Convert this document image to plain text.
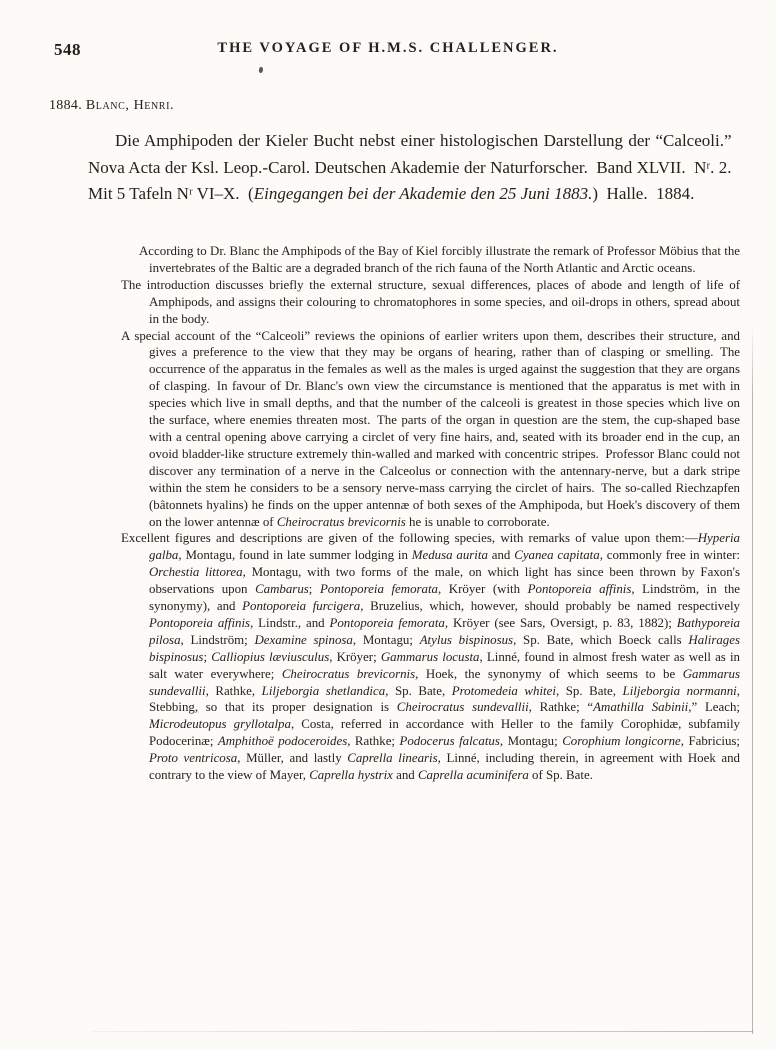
548	THE VOYAGE OF H.M.S. CHALLENGER.
1884. Blanc, Henri.

Die Amphipoden der Kieler Bucht nebst einer histologischen Darstellung der “Calceoli.” Nova Acta der Ksl. Leop.-Carol. Deutschen Akademie der Naturforscher. Band XLVII. Nʳ. 2. Mit 5 Tafeln Nʳ VI–X. (Eingegangen bei der Akademie den 25 Juni 1883.) Halle. 1884.

According to Dr. Blanc the Amphipods of the Bay of Kiel forcibly illustrate the remark of Professor Möbius that the invertebrates of the Baltic are a degraded branch of the rich fauna of the North Atlantic and Arctic oceans.

The introduction discusses briefly the external structure, sexual differences, places of abode and length of life of Amphipods, and assigns their colouring to chromatophores in some species, and oil-drops in others, spread about in the body.

A special account of the “Calceoli” reviews the opinions of earlier writers upon them, describes their structure, and gives a preference to the view that they may be organs of hearing, rather than of clasping or smelling. The occurrence of the apparatus in the females as well as the males is urged against the suggestion that they are organs of clasping. In favour of Dr. Blanc's own view the circumstance is mentioned that the apparatus is met with in species which live in small depths, and that the number of the calceoli is greatest in those species which live on the surface, where enemies threaten most. The parts of the organ in question are the stem, the cup-shaped base with a central opening above carrying a circlet of very fine hairs, and, seated with its broader end in the cup, an ovoid bladder-like structure extremely thin-walled and marked with concentric stripes. Professor Blanc could not discover any termination of a nerve in the Calceolus or connection with the antennary-nerve, but a dark stripe within the stem he considers to be a sensory nerve-mass carrying the circlet of hairs. The so-called Riechzapfen (bâtonnets hyalins) he finds on the upper antennæ of both sexes of the Amphipoda, but Hoek's discovery of them on the lower antennæ of Cheirocratus brevicornis he is unable to corroborate.

Excellent figures and descriptions are given of the following species, with remarks of value upon them:—Hyperia galba, Montagu, found in late summer lodging in Medusa aurita and Cyanea capitata, commonly free in winter: Orchestia littorea, Montagu, with two forms of the male, on which light has since been thrown by Faxon's observations upon Cambarus; Pontoporeia femorata, Kröyer (with Pontoporeia affinis, Lindström, in the synonymy), and Pontoporeia furcigera, Bruzelius, which, however, should probably be named respectively Pontoporeia affinis, Lindstr., and Pontoporeia femorata, Kröyer (see Sars, Oversigt, p. 83, 1882); Bathyporeia pilosa, Lindström; Dexamine spinosa, Montagu; Atylus bispinosus, Sp. Bate, which Boeck calls Halirages bispinosus; Calliopius læviusculus, Kröyer; Gammarus locusta, Linné, found in almost fresh water as well as in salt water everywhere; Cheirocratus brevicornis, Hoek, the synonymy of which seems to be Gammarus sundevallii, Rathke, Liljeborgia shetlandica, Sp. Bate, Protomedeia whitei, Sp. Bate, Liljeborgia normanni, Stebbing, so that its proper designation is Cheirocratus sundevallii, Rathke; “Amathilla Sabinii,” Leach; Microdeutopus gryllotalpa, Costa, referred in accordance with Heller to the family Corophidæ, subfamily Podocerinæ; Amphithoë podoceroides, Rathke; Podocerus falcatus, Montagu; Corophium longicorne, Fabricius; Proto ventricosa, Müller, and lastly Caprella linearis, Linné, including therein, in agreement with Hoek and contrary to the view of Mayer, Caprella hystrix and Caprella acuminifera of Sp. Bate.
